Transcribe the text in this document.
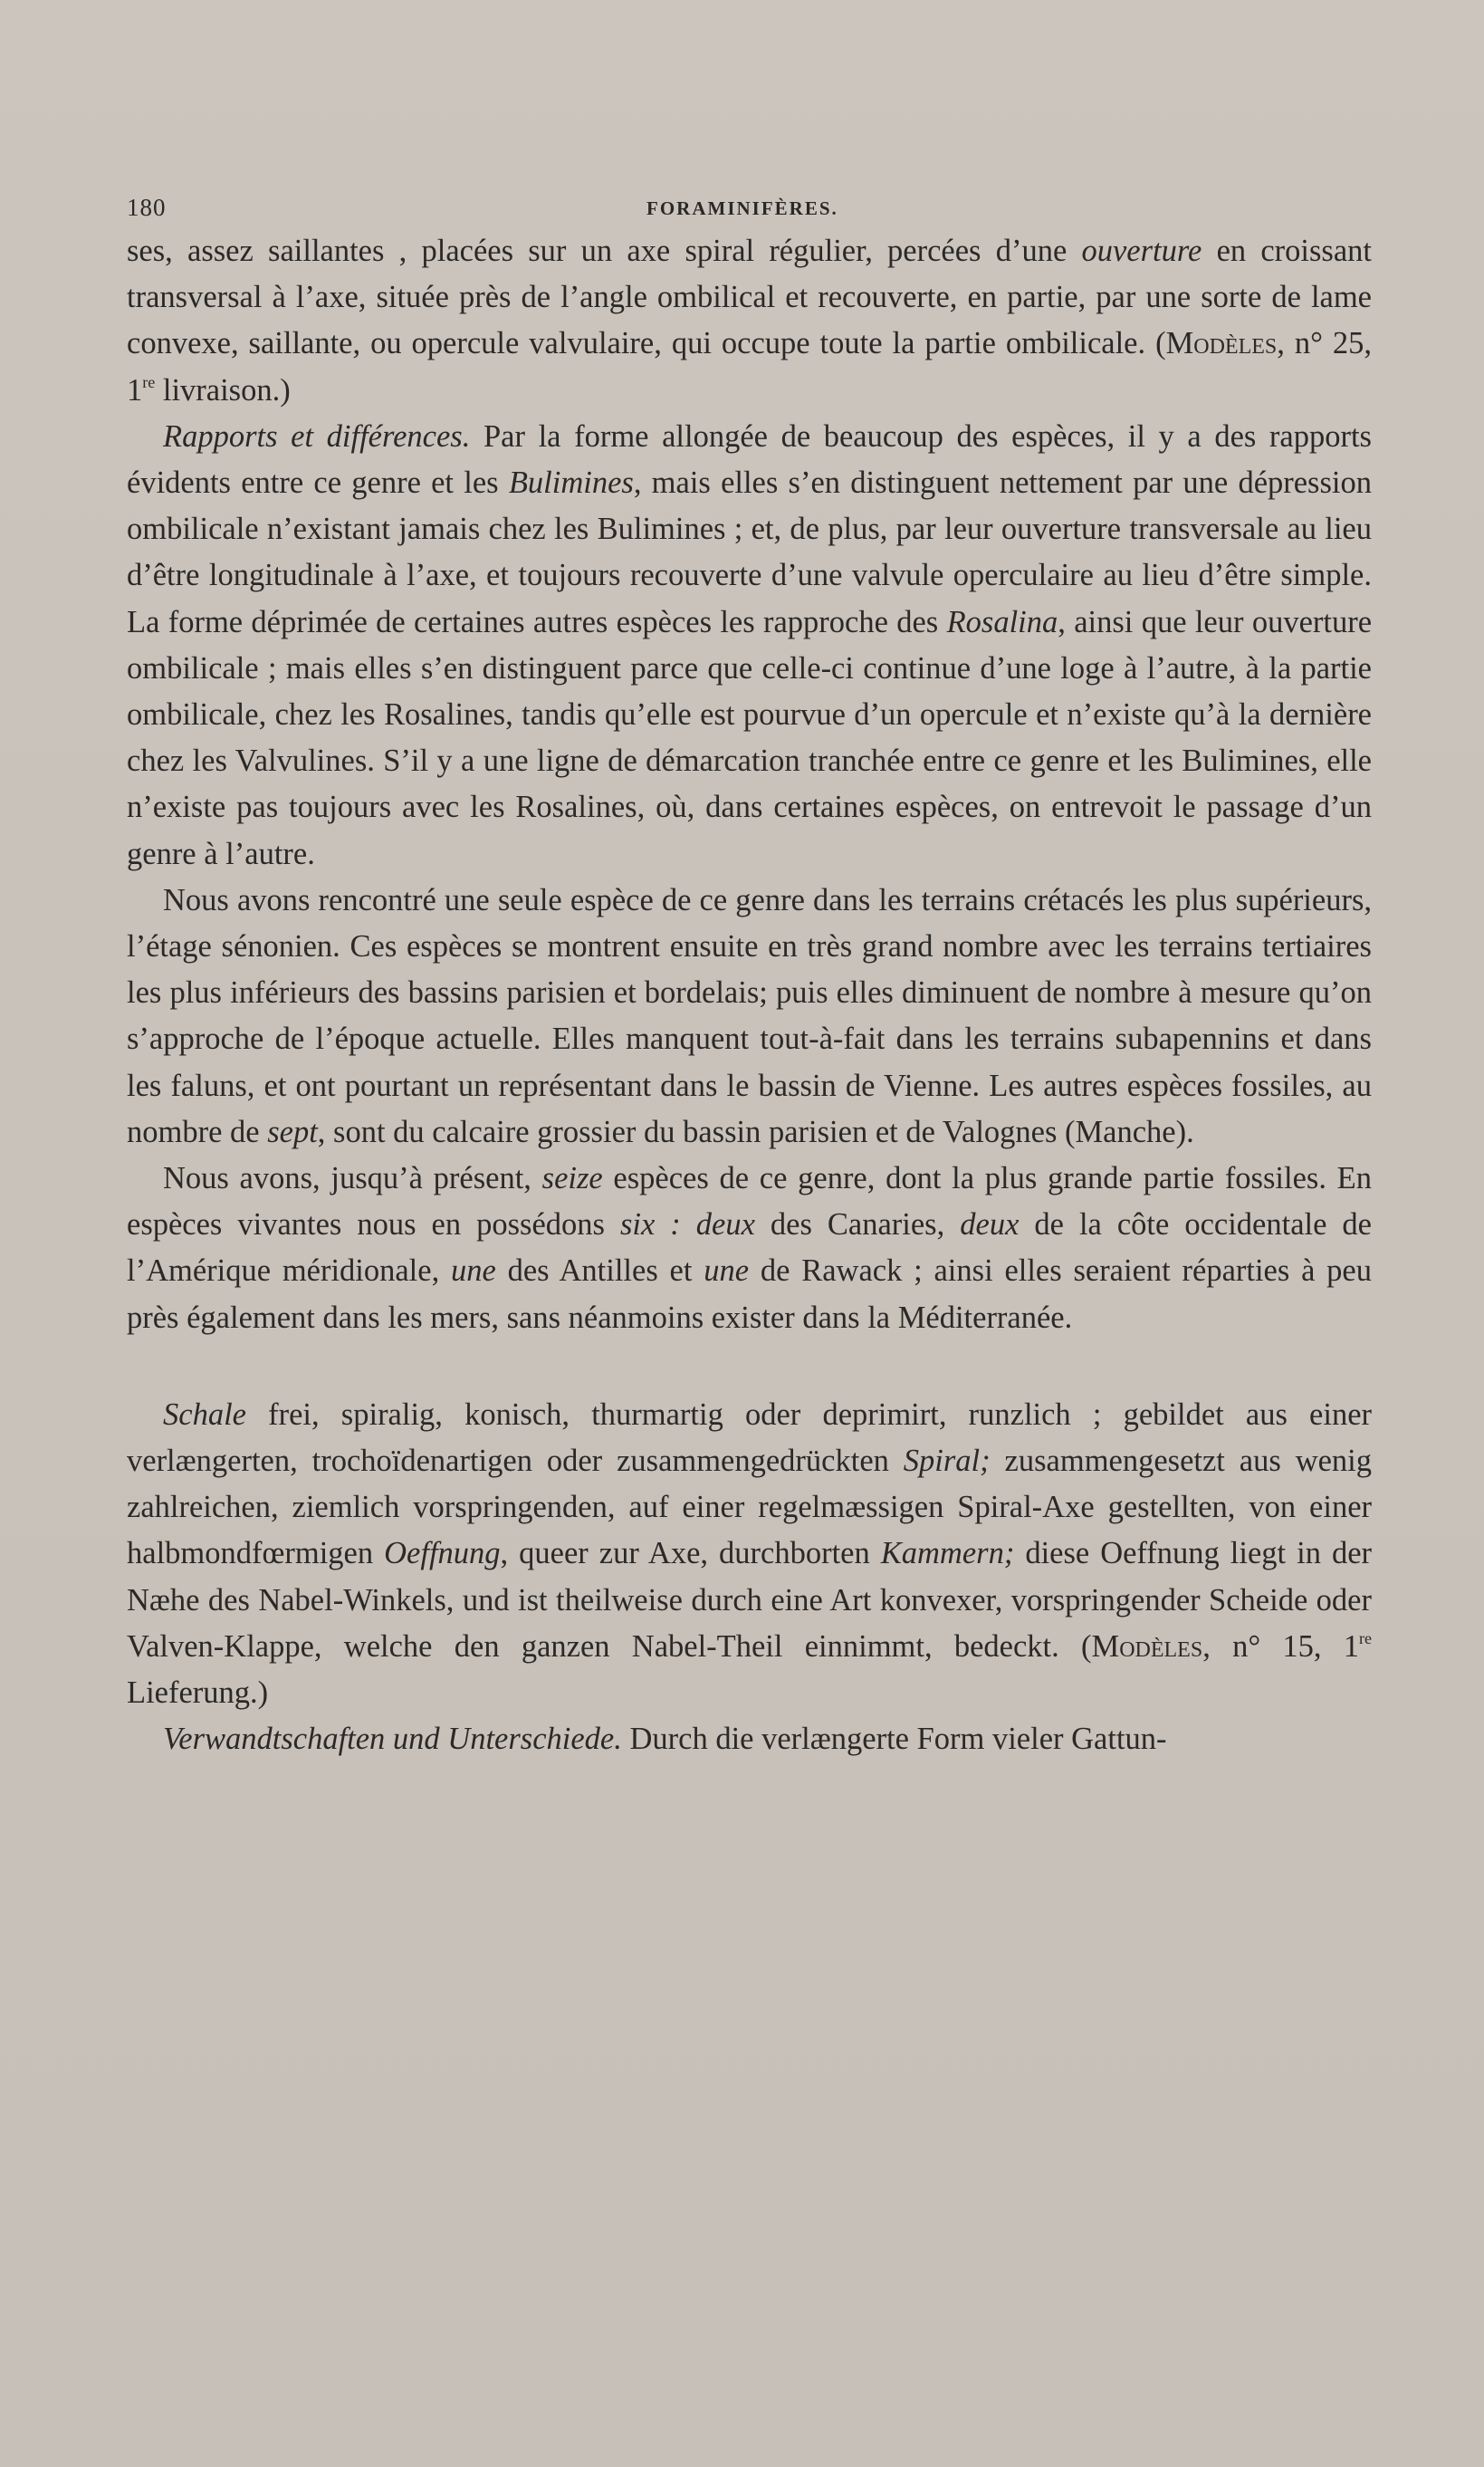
180	FORAMINIFÈRES.

ses, assez saillantes , placées sur un axe spiral régulier, percées d’une ouverture en croissant transversal à l’axe, située près de l’angle ombilical et recouverte, en partie, par une sorte de lame convexe, saillante, ou opercule valvulaire, qui occupe toute la partie ombilicale. (Modèles, n° 25, 1re livraison.)

Rapports et différences. Par la forme allongée de beaucoup des espèces, il y a des rapports évidents entre ce genre et les Bulimines, mais elles s’en distinguent nettement par une dépression ombilicale n’existant jamais chez les Bulimines ; et, de plus, par leur ouverture transversale au lieu d’être longitudinale à l’axe, et toujours recouverte d’une valvule operculaire au lieu d’être simple. La forme déprimée de certaines autres espèces les rapproche des Rosalina, ainsi que leur ouverture ombilicale ; mais elles s’en distinguent parce que celle-ci continue d’une loge à l’autre, à la partie ombilicale, chez les Rosalines, tandis qu’elle est pourvue d’un opercule et n’existe qu’à la dernière chez les Valvulines. S’il y a une ligne de démarcation tranchée entre ce genre et les Bulimines, elle n’existe pas toujours avec les Rosalines, où, dans certaines espèces, on entrevoit le passage d’un genre à l’autre.

Nous avons rencontré une seule espèce de ce genre dans les terrains crétacés les plus supérieurs, l’étage sénonien. Ces espèces se montrent ensuite en très grand nombre avec les terrains tertiaires les plus inférieurs des bassins parisien et bordelais; puis elles diminuent de nombre à mesure qu’on s’approche de l’époque actuelle. Elles manquent tout-à-fait dans les terrains subapennins et dans les faluns, et ont pourtant un représentant dans le bassin de Vienne. Les autres espèces fossiles, au nombre de sept, sont du calcaire grossier du bassin parisien et de Valognes (Manche).

Nous avons, jusqu’à présent, seize espèces de ce genre, dont la plus grande partie fossiles. En espèces vivantes nous en possédons six : deux des Canaries, deux de la côte occidentale de l’Amérique méridionale, une des Antilles et une de Rawack ; ainsi elles seraient réparties à peu près également dans les mers, sans néanmoins exister dans la Méditerranée.

Schale frei, spiralig, konisch, thurmartig oder deprimirt, runzlich ; gebildet aus einer verlængerten, trochoïdenartigen oder zusammengedrückten Spiral; zusammengesetzt aus wenig zahlreichen, ziemlich vorspringenden, auf einer regelmæssigen Spiral-Axe gestellten, von einer halbmondfœrmigen Oeffnung, queer zur Axe, durchborten Kammern; diese Oeffnung liegt in der Næhe des Nabel-Winkels, und ist theilweise durch eine Art konvexer, vorspringender Scheide oder Valven-Klappe, welche den ganzen Nabel-Theil einnimmt, bedeckt. (Modèles, n° 15, 1re Lieferung.)

Verwandtschaften und Unterschiede. Durch die verlængerte Form vieler Gattun-
